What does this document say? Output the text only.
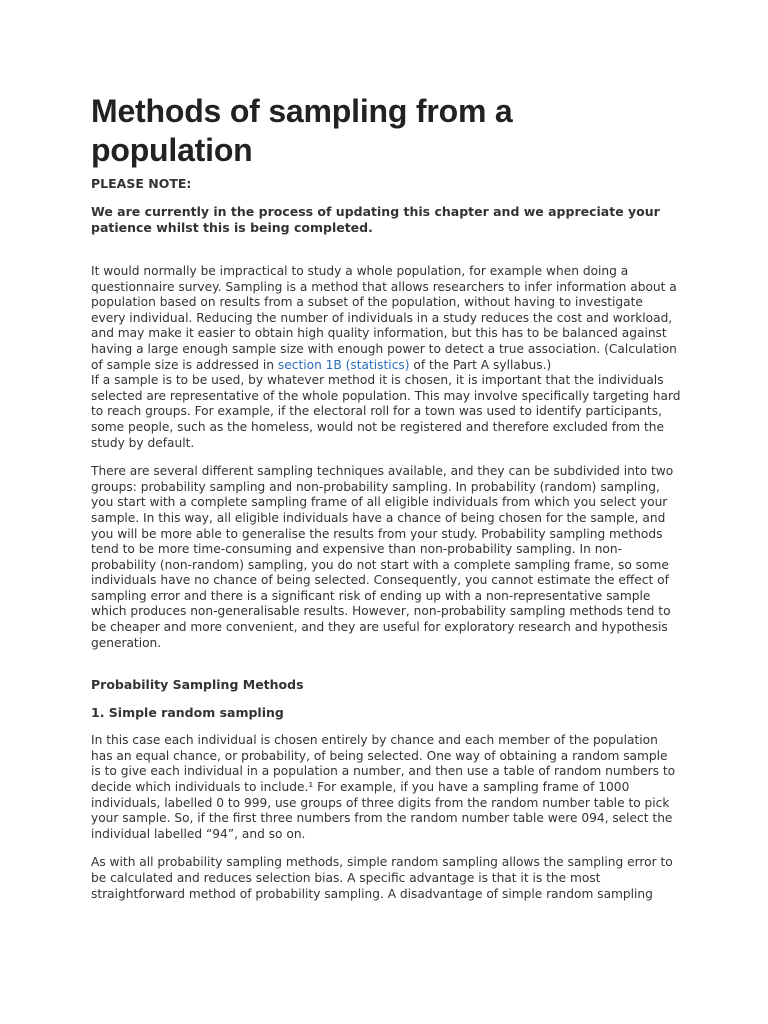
Methods of sampling from a population
PLEASE NOTE:
We are currently in the process of updating this chapter and we appreciate your patience whilst this is being completed.

It would normally be impractical to study a whole population, for example when doing a questionnaire survey. Sampling is a method that allows researchers to infer information about a population based on results from a subset of the population, without having to investigate every individual. Reducing the number of individuals in a study reduces the cost and workload, and may make it easier to obtain high quality information, but this has to be balanced against having a large enough sample size with enough power to detect a true association. (Calculation of sample size is addressed in section 1B (statistics) of the Part A syllabus.)

If a sample is to be used, by whatever method it is chosen, it is important that the individuals selected are representative of the whole population. This may involve specifically targeting hard to reach groups. For example, if the electoral roll for a town was used to identify participants, some people, such as the homeless, would not be registered and therefore excluded from the study by default.

There are several different sampling techniques available, and they can be subdivided into two groups: probability sampling and non-probability sampling. In probability (random) sampling, you start with a complete sampling frame of all eligible individuals from which you select your sample. In this way, all eligible individuals have a chance of being chosen for the sample, and you will be more able to generalise the results from your study. Probability sampling methods tend to be more time-consuming and expensive than non-probability sampling. In non-probability (non-random) sampling, you do not start with a complete sampling frame, so some individuals have no chance of being selected. Consequently, you cannot estimate the effect of sampling error and there is a significant risk of ending up with a non-representative sample which produces non-generalisable results. However, non-probability sampling methods tend to be cheaper and more convenient, and they are useful for exploratory research and hypothesis generation.

Probability Sampling Methods
1. Simple random sampling

In this case each individual is chosen entirely by chance and each member of the population has an equal chance, or probability, of being selected. One way of obtaining a random sample is to give each individual in a population a number, and then use a table of random numbers to decide which individuals to include.¹ For example, if you have a sampling frame of 1000 individuals, labelled 0 to 999, use groups of three digits from the random number table to pick your sample. So, if the first three numbers from the random number table were 094, select the individual labelled “94”, and so on.

As with all probability sampling methods, simple random sampling allows the sampling error to be calculated and reduces selection bias. A specific advantage is that it is the most straightforward method of probability sampling. A disadvantage of simple random sampling
